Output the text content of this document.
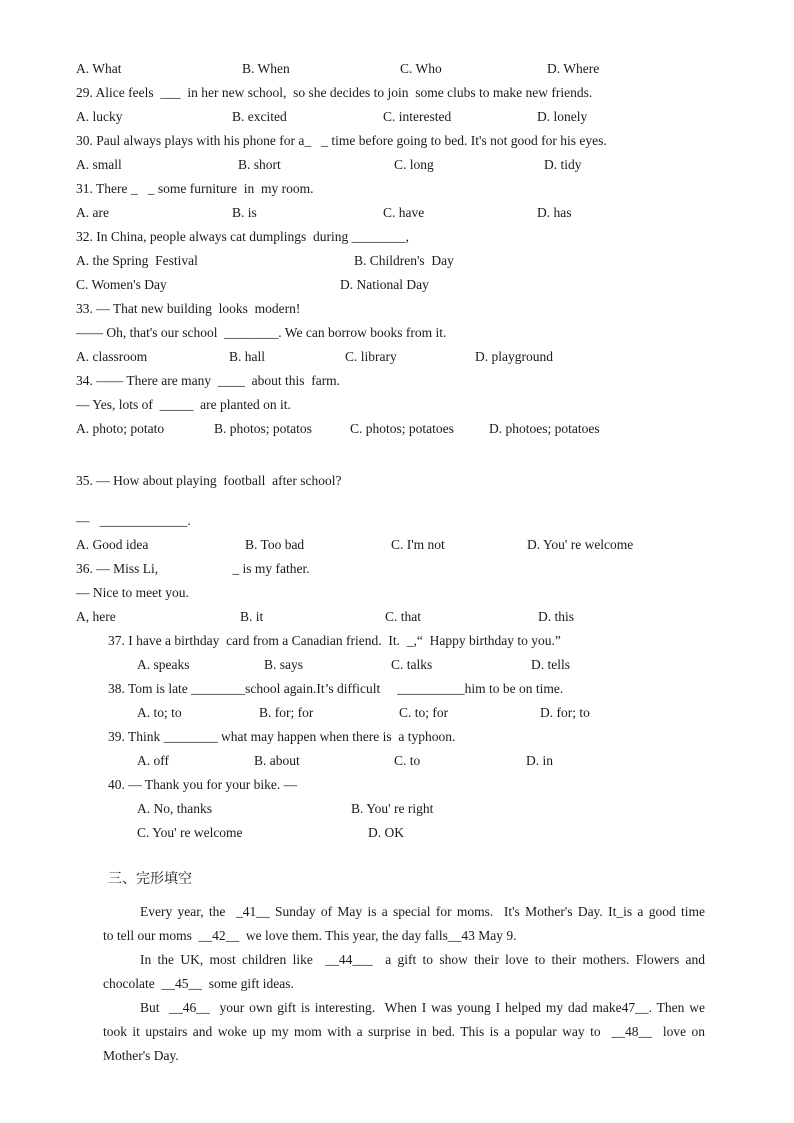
A. What	B. When	C. Who	D. Where
29. Alice feels  ___  in her new school,  so she decides to join  some clubs to make new friends.
A. lucky	B. excited	C. interested	D. lonely
30. Paul always plays with his phone for a_   _ time before going to bed. It's not good for his eyes.
A. small	B. short	C. long	D. tidy
31. There _   _ some furniture  in  my room.
A. are	B. is	C. have	D. has
32. In China, people always cat dumplings  during ________,
A. the Spring  Festival	B. Children's  Day
C. Women's Day	D. National Day
33. — That new building  looks  modern!
—— Oh, that's our school  ________. We can borrow books from it.
A. classroom	B. hall	C. library	D. playground
34. —— There are many  ____  about this  farm.
— Yes, lots of  _____  are planted on it.
A. photo; potato	B. photos; potatos	C. photos; potatoes	D. photoes; potatoes
35. — How about playing  football  after school?
—   _____________.
A. Good idea	B. Too bad	C. I'm not	D. You' re welcome
36. — Miss Li,                      _ is my father.
— Nice to meet you.
A, here	B. it	C. that	D. this
37. I have a birthday  card from a Canadian friend.  It.  _,“  Happy birthday to you.”
A. speaks	B. says	C. talks	D. tells
38. Tom is late ________school again.It’s difficult     __________him to be on time.
A. to; to	B. for; for	C. to; for	D. for; to
39. Think ________ what may happen when there is  a typhoon.
A. off	B. about	C. to	D. in
40. — Thank you for your bike. —
A. No, thanks	B. You' re right
C. You' re welcome	D. OK
三、完形填空
Every year, the  _41__ Sunday of May is a special for moms.  It's Mother's Day. It_is a good time
to tell our moms  __42__  we love them. This year, the day falls__43 May 9.
In the UK, most children like  __44___  a gift to show their love to their mothers. Flowers and
chocolate  __45__  some gift ideas.
But  __46__  your own gift is interesting.  When I was young I helped my dad make47__. Then we
took it upstairs and woke up my mom with a surprise in bed. This is a popular way to  __48__  love on
Mother's Day.
